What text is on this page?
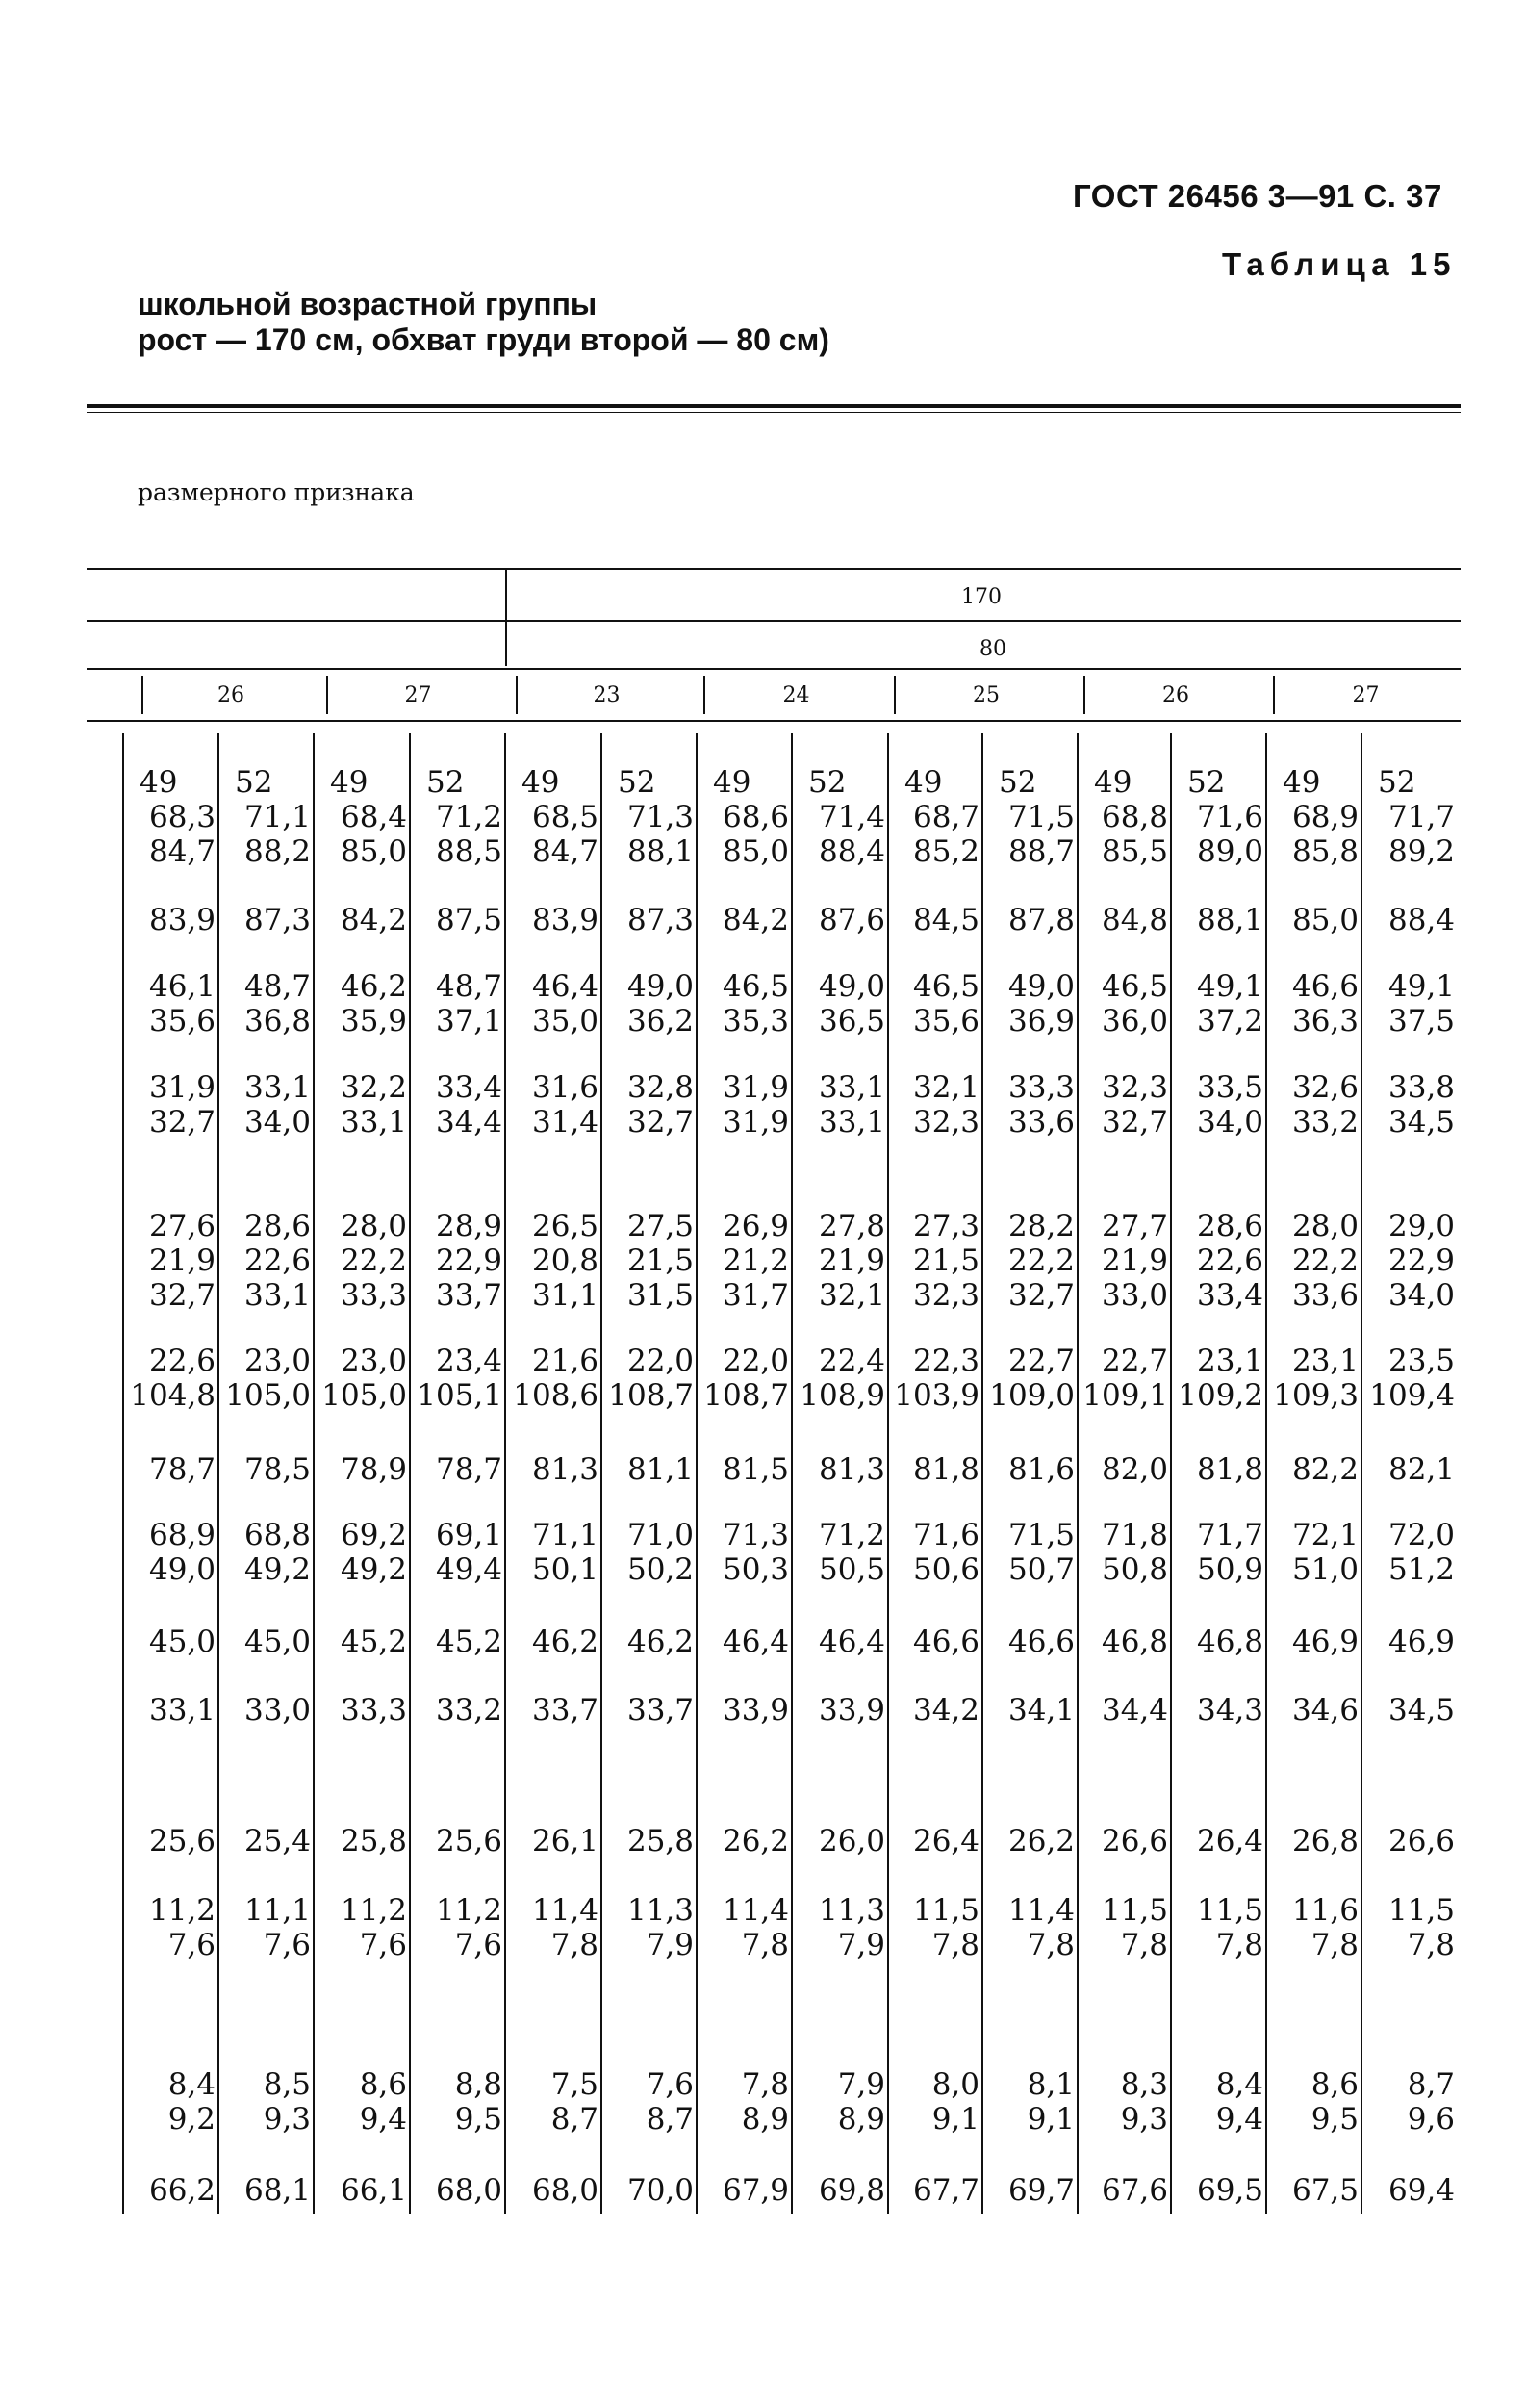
ГОСТ 26456 3—91 С. 37
Таблица 15
школьной возрастной группы
рост — 170 см, обхват груди второй — 80 см)
размерного признака
170
80
26	27	23	24	25	26	27
49	52	49	52	49	52	49	52	49	52	49	52	49	52
68,3 71,1 68,4 71,2 68,5 71,3 68,6 71,4 68,7 71,5 68,8 71,6 68,9 71,7
84,7 88,2 85,0 88,5 84,7 88,1 85,0 88,4 85,2 88,7 85,5 89,0 85,8 89,2
83,9 87,3 84,2 87,5 83,9 87,3 84,2 87,6 84,5 87,8 84,8 88,1 85,0 88,4
46,1 48,7 46,2 48,7 46,4 49,0 46,5 49,0 46,5 49,0 46,5 49,1 46,6 49,1
35,6 36,8 35,9 37,1 35,0 36,2 35,3 36,5 35,6 36,9 36,0 37,2 36,3 37,5
31,9 33,1 32,2 33,4 31,6 32,8 31,9 33,1 32,1 33,3 32,3 33,5 32,6 33,8
32,7 34,0 33,1 34,4 31,4 32,7 31,9 33,1 32,3 33,6 32,7 34,0 33,2 34,5
27,6 28,6 28,0 28,9 26,5 27,5 26,9 27,8 27,3 28,2 27,7 28,6 28,0 29,0
21,9 22,6 22,2 22,9 20,8 21,5 21,2 21,9 21,5 22,2 21,9 22,6 22,2 22,9
32,7 33,1 33,3 33,7 31,1 31,5 31,7 32,1 32,3 32,7 33,0 33,4 33,6 34,0
22,6 23,0 23,0 23,4 21,6 22,0 22,0 22,4 22,3 22,7 22,7 23,1 23,1 23,5
104,8 105,0 105,0 105,1 108,6 108,7 108,7 108,9 103,9 109,0 109,1 109,2 109,3 109,4
78,7 78,5 78,9 78,7 81,3 81,1 81,5 81,3 81,8 81,6 82,0 81,8 82,2 82,1
68,9 68,8 69,2 69,1 71,1 71,0 71,3 71,2 71,6 71,5 71,8 71,7 72,1 72,0
49,0 49,2 49,2 49,4 50,1 50,2 50,3 50,5 50,6 50,7 50,8 50,9 51,0 51,2
45,0 45,0 45,2 45,2 46,2 46,2 46,4 46,4 46,6 46,6 46,8 46,8 46,9 46,9
33,1 33,0 33,3 33,2 33,7 33,7 33,9 33,9 34,2 34,1 34,4 34,3 34,6 34,5
25,6 25,4 25,8 25,6 26,1 25,8 26,2 26,0 26,4 26,2 26,6 26,4 26,8 26,6
11,2 11,1 11,2 11,2 11,4 11,3 11,4 11,3 11,5 11,4 11,5 11,5 11,6 11,5
7,6	7,6	7,6	7,6	7,8	7,9	7,8	7,9	7,8	7,8	7,8	7,8	7,8	7,8
8,4	8,5	8,6	8,8	7,5	7,6	7,8	7,9	8,0	8,1	8,3	8,4	8,6	8,7
9,2	9,3	9,4	9,5	8,7	8,7	8,9	8,9	9,1	9,1	9,3	9,4	9,5	9,6
66,2 68,1 66,1 68,0 68,0 70,0 67,9 69,8 67,7 69,7 67,6 69,5 67,5 69,4
